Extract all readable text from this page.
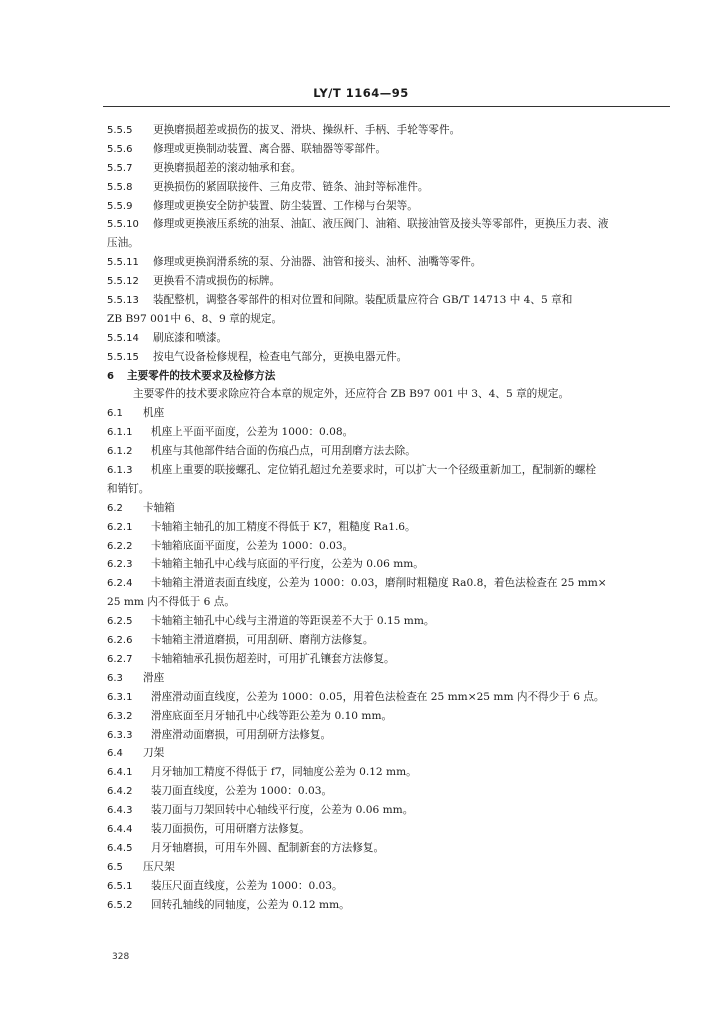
LY/T 1164—95
5.5.5 更换磨损超差或损伤的拔叉、滑块、操纵杆、手柄、手轮等零件。
5.5.6 修理或更换制动装置、离合器、联轴器等零部件。
5.5.7 更换磨损超差的滚动轴承和套。
5.5.8 更换损伤的紧固联接件、三角皮带、链条、油封等标准件。
5.5.9 修理或更换安全防护装置、防尘装置、工作梯与台架等。
5.5.10 修理或更换液压系统的油泵、油缸、液压阀门、油箱、联接油管及接头等零部件，更换压力表、液
压油。
5.5.11 修理或更换润滑系统的泵、分油器、油管和接头、油杯、油嘴等零件。
5.5.12 更换看不清或损伤的标牌。
5.5.13 装配整机，调整各零部件的相对位置和间隙。装配质量应符合 GB/T 14713 中 4、5 章和
ZB B97 001中 6、8、9 章的规定。
5.5.14 刷底漆和喷漆。
5.5.15 按电气设备检修规程，检查电气部分，更换电器元件。
6 主要零件的技术要求及检修方法
主要零件的技术要求除应符合本章的规定外，还应符合 ZB B97 001 中 3、4、5 章的规定。
6.1 机座
6.1.1 机座上平面平面度，公差为 1000：0.08。
6.1.2 机座与其他部件结合面的伤痕凸点，可用刮磨方法去除。
6.1.3 机座上重要的联接螺孔、定位销孔超过允差要求时，可以扩大一个径级重新加工，配制新的螺栓
和销钉。
6.2 卡轴箱
6.2.1 卡轴箱主轴孔的加工精度不得低于 K7，粗糙度 Ra1.6。
6.2.2 卡轴箱底面平面度，公差为 1000：0.03。
6.2.3 卡轴箱主轴孔中心线与底面的平行度，公差为 0.06 mm。
6.2.4 卡轴箱主滑道表面直线度，公差为 1000：0.03，磨削时粗糙度 Ra0.8，着色法检查在 25 mm×
25 mm 内不得低于 6 点。
6.2.5 卡轴箱主轴孔中心线与主滑道的等距误差不大于 0.15 mm。
6.2.6 卡轴箱主滑道磨损，可用刮研、磨削方法修复。
6.2.7 卡轴箱轴承孔损伤超差时，可用扩孔镶套方法修复。
6.3 滑座
6.3.1 滑座滑动面直线度，公差为 1000：0.05，用着色法检查在 25 mm×25 mm 内不得少于 6 点。
6.3.2 滑座底面至月牙轴孔中心线等距公差为 0.10 mm。
6.3.3 滑座滑动面磨损，可用刮研方法修复。
6.4 刀架
6.4.1 月牙轴加工精度不得低于 f7，同轴度公差为 0.12 mm。
6.4.2 装刀面直线度，公差为 1000：0.03。
6.4.3 装刀面与刀架回转中心轴线平行度，公差为 0.06 mm。
6.4.4 装刀面损伤，可用研磨方法修复。
6.4.5 月牙轴磨损，可用车外圆、配制新套的方法修复。
6.5 压尺架
6.5.1 装压尺面直线度，公差为 1000：0.03。
6.5.2 回转孔轴线的同轴度，公差为 0.12 mm。
328
